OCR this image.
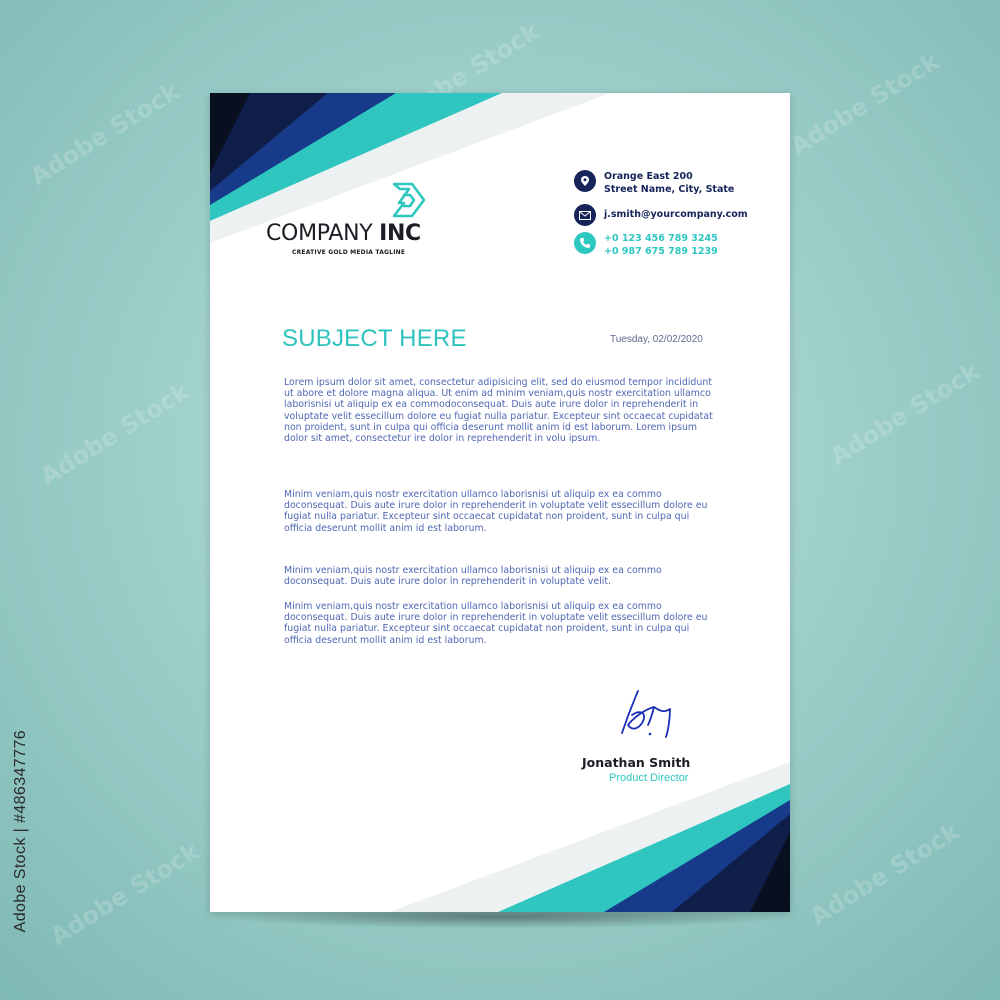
Adobe Stock
Adobe Stock	Adobe Stock
Adobe Stock	Adobe Stock
Adobe Stock	Adobe Stock
COMPANY INC
CREATIVE GOLD MEDIA TAGLINE
Orange East 200
Street Name, City, State
j.smith@yourcompany.com
+0 123 456 789 3245
+0 987 675 789 1239
SUBJECT HERE	Tuesday, 02/02/2020
Lorem ipsum dolor sit amet, consectetur adipisicing elit, sed do eiusmod tempor incididunt ut abore et dolore magna aliqua. Ut enim ad minim veniam,quis nostr exercitation ullamco laborisnisi ut aliquip ex ea commodoconsequat. Duis aute irure dolor in reprehenderit in voluptate velit essecillum dolore eu fugiat nulla pariatur. Excepteur sint occaecat cupidatat non proident, sunt in culpa qui officia deserunt mollit anim id est laborum. Lorem ipsum dolor sit amet, consectetur ire dolor in reprehenderit in volu ipsum.
Minim veniam,quis nostr exercitation ullamco laborisnisi ut aliquip ex ea commo doconsequat. Duis aute irure dolor in reprehenderit in voluptate velit essecillum dolore eu fugiat nulla pariatur. Excepteur sint occaecat cupidatat non proident, sunt in culpa qui officia deserunt mollit anim id est laborum.
Minim veniam,quis nostr exercitation ullamco laborisnisi ut aliquip ex ea commo doconsequat. Duis aute irure dolor in reprehenderit in voluptate velit.
Minim veniam,quis nostr exercitation ullamco laborisnisi ut aliquip ex ea commo doconsequat. Duis aute irure dolor in reprehenderit in voluptate velit essecillum dolore eu fugiat nulla pariatur. Excepteur sint occaecat cupidatat non proident, sunt in culpa qui officia deserunt mollit anim id est laborum.
Jonathan Smith
Product Director
Adobe Stock | #486347776
